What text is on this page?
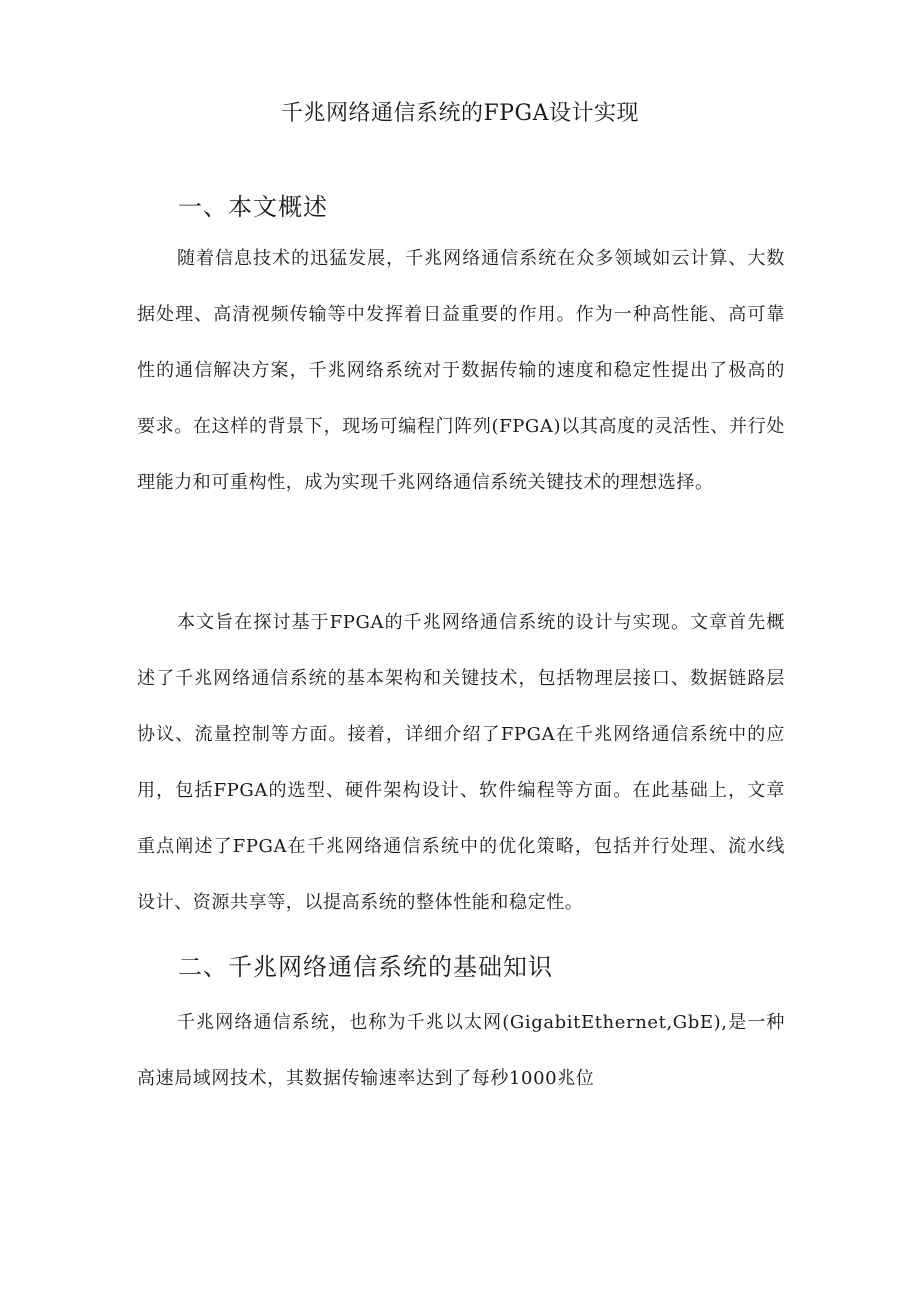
千兆网络通信系统的FPGA设计实现
一、本文概述

随着信息技术的迅猛发展，千兆网络通信系统在众多领域如云计算、大数据处理、高清视频传输等中发挥着日益重要的作用。作为一种高性能、高可靠性的通信解决方案，千兆网络系统对于数据传输的速度和稳定性提出了极高的要求。在这样的背景下，现场可编程门阵列(FPGA)以其高度的灵活性、并行处理能力和可重构性，成为实现千兆网络通信系统关键技术的理想选择。

本文旨在探讨基于FPGA的千兆网络通信系统的设计与实现。文章首先概述了千兆网络通信系统的基本架构和关键技术，包括物理层接口、数据链路层协议、流量控制等方面。接着，详细介绍了FPGA在千兆网络通信系统中的应用，包括FPGA的选型、硬件架构设计、软件编程等方面。在此基础上，文章重点阐述了FPGA在千兆网络通信系统中的优化策略，包括并行处理、流水线设计、资源共享等，以提高系统的整体性能和稳定性。

二、千兆网络通信系统的基础知识

千兆网络通信系统，也称为千兆以太网(GigabitEthernet,GbE),是一种高速局域网技术，其数据传输速率达到了每秒1000兆位
